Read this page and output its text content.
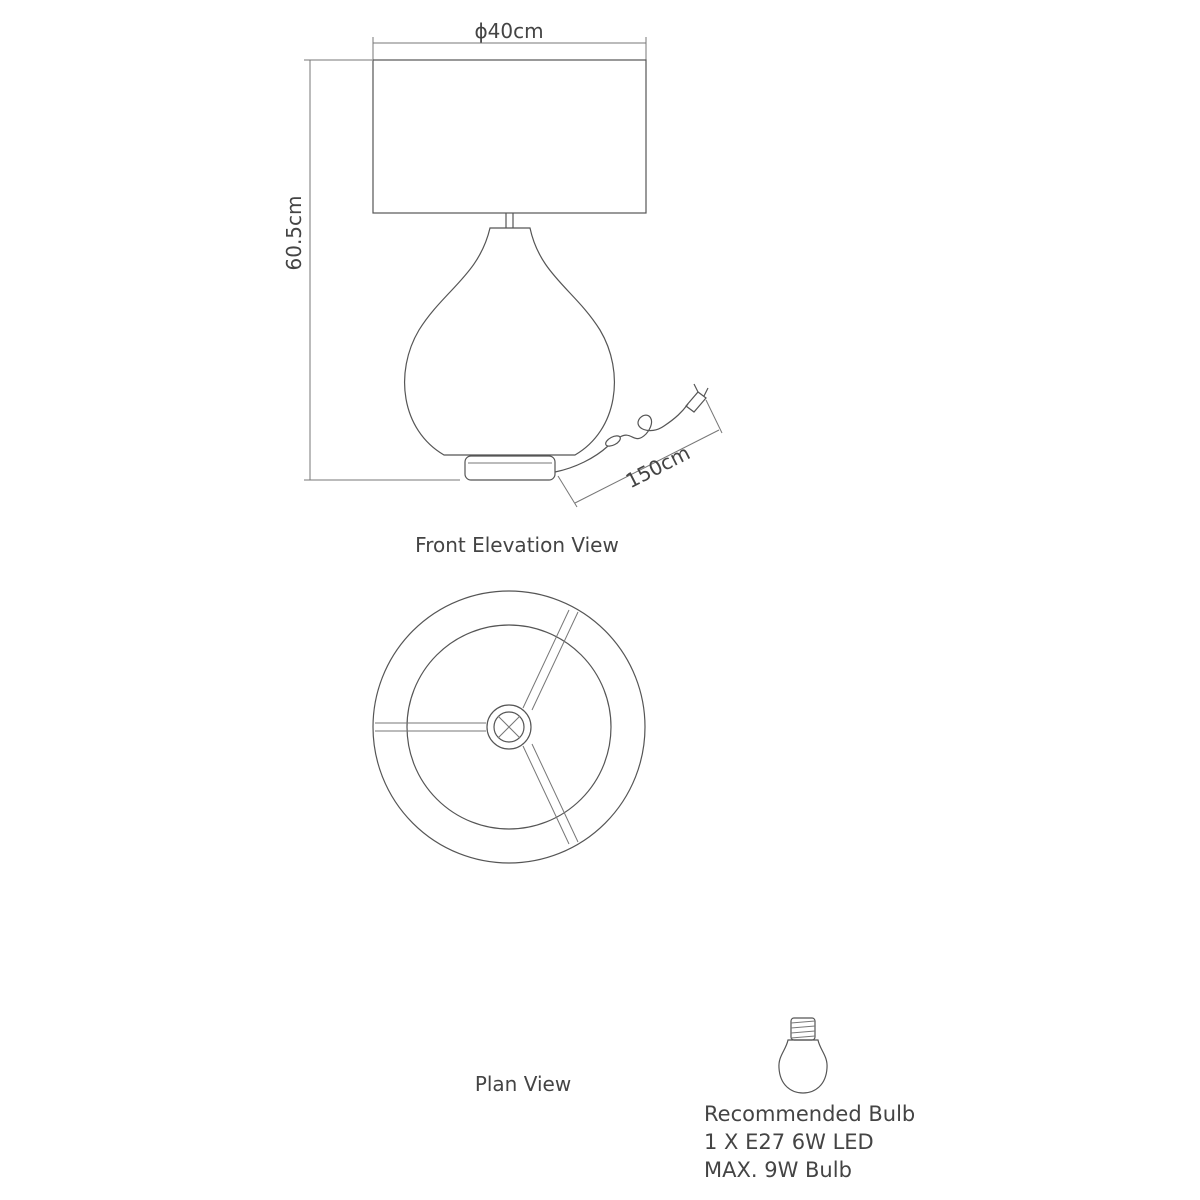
ϕ40cm
60.5cm
150cm
Front Elevation View
Plan View
Recommended Bulb
1 X E27 6W LED
MAX. 9W Bulb
